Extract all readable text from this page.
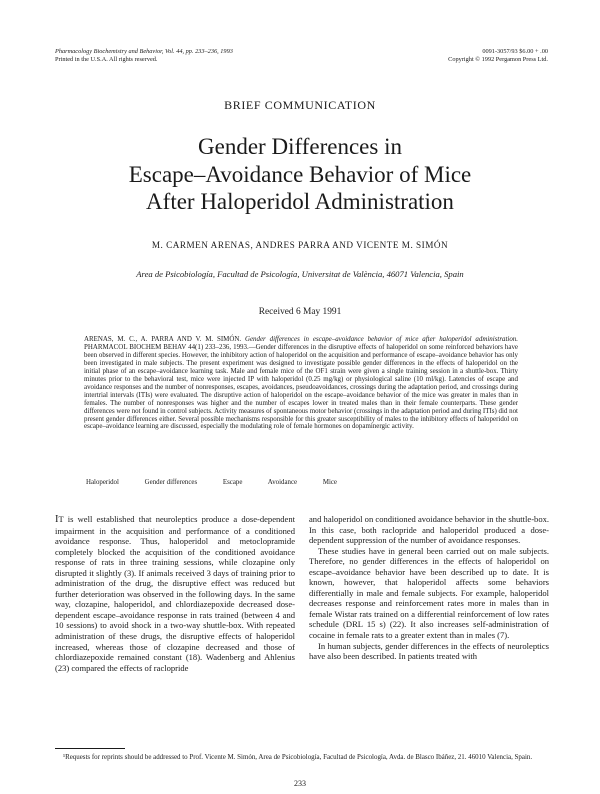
Pharmacology Biochemistry and Behavior, Vol. 44, pp. 233–236, 1993
Printed in the U.S.A. All rights reserved.
0091-3057/93 $6.00 + .00
Copyright © 1992 Pergamon Press Ltd.
BRIEF COMMUNICATION
Gender Differences in
Escape–Avoidance Behavior of Mice
After Haloperidol Administration
M. CARMEN ARENAS, ANDRES PARRA AND VICENTE M. SIMÓN
Area de Psicobiología, Facultad de Psicología, Universitat de València, 46071 Valencia, Spain
Received 6 May 1991
ARENAS, M. C., A. PARRA AND V. M. SIMÓN. Gender differences in escape–avoidance behavior of mice after haloperidol administration. PHARMACOL BIOCHEM BEHAV 44(1) 233–236, 1993.—Gender differences in the disruptive effects of haloperidol on some reinforced behaviors have been observed in different species. However, the inhibitory action of haloperidol on the acquisition and performance of escape–avoidance behavior has only been investigated in male subjects. The present experiment was designed to investigate possible gender differences in the effects of haloperidol on the initial phase of an escape–avoidance learning task. Male and female mice of the OF1 strain were given a single training session in a shuttle-box. Thirty minutes prior to the behavioral test, mice were injected IP with haloperidol (0.25 mg/kg) or physiological saline (10 ml/kg). Latencies of escape and avoidance responses and the number of nonresponses, escapes, avoidances, pseudoavoidances, crossings during the adaptation period, and crossings during intertrial intervals (ITIs) were evaluated. The disruptive action of haloperidol on the escape–avoidance behavior of the mice was greater in males than in females. The number of nonresponses was higher and the number of escapes lower in treated males than in their female counterparts. These gender differences were not found in control subjects. Activity measures of spontaneous motor behavior (crossings in the adaptation period and during ITIs) did not present gender differences either. Several possible mechanisms responsible for this greater susceptibility of males to the inhibitory effects of haloperidol on escape–avoidance learning are discussed, especially the modulating role of female hormones on dopaminergic activity.
Haloperidol	Gender differences	Escape	Avoidance	Mice

IT is well established that neuroleptics produce a dose-dependent impairment in the acquisition and performance of a conditioned avoidance response. Thus, haloperidol and metoclopramide completely blocked the acquisition of the conditioned avoidance response of rats in three training sessions, while clozapine only disrupted it slightly (3). If animals received 3 days of training prior to administration of the drug, the disruptive effect was reduced but further deterioration was observed in the following days. In the same way, clozapine, haloperidol, and chlordiazepoxide decreased dose-dependent escape–avoidance response in rats trained (between 4 and 10 sessions) to avoid shock in a two-way shuttle-box. With repeated administration of these drugs, the disruptive effects of haloperidol increased, whereas those of clozapine decreased and those of chlordiazepoxide remained constant (18). Wadenberg and Ahlenius (23) compared the effects of raclopride

and haloperidol on conditioned avoidance behavior in the shuttle-box. In this case, both raclopride and haloperidol produced a dose-dependent suppression of the number of avoidance responses.

These studies have in general been carried out on male subjects. Therefore, no gender differences in the effects of haloperidol on escape–avoidance behavior have been described up to date. It is known, however, that haloperidol affects some behaviors differentially in male and female subjects. For example, haloperidol decreases response and reinforcement rates more in males than in female Wistar rats trained on a differential reinforcement of low rates schedule (DRL 15 s) (22). It also increases self-administration of cocaine in female rats to a greater extent than in males (7).

In human subjects, gender differences in the effects of neuroleptics have also been described. In patients treated with

¹Requests for reprints should be addressed to Prof. Vicente M. Simón, Area de Psicobiología, Facultad de Psicología, Avda. de Blasco Ibáñez, 21. 46010 Valencia, Spain.
233
